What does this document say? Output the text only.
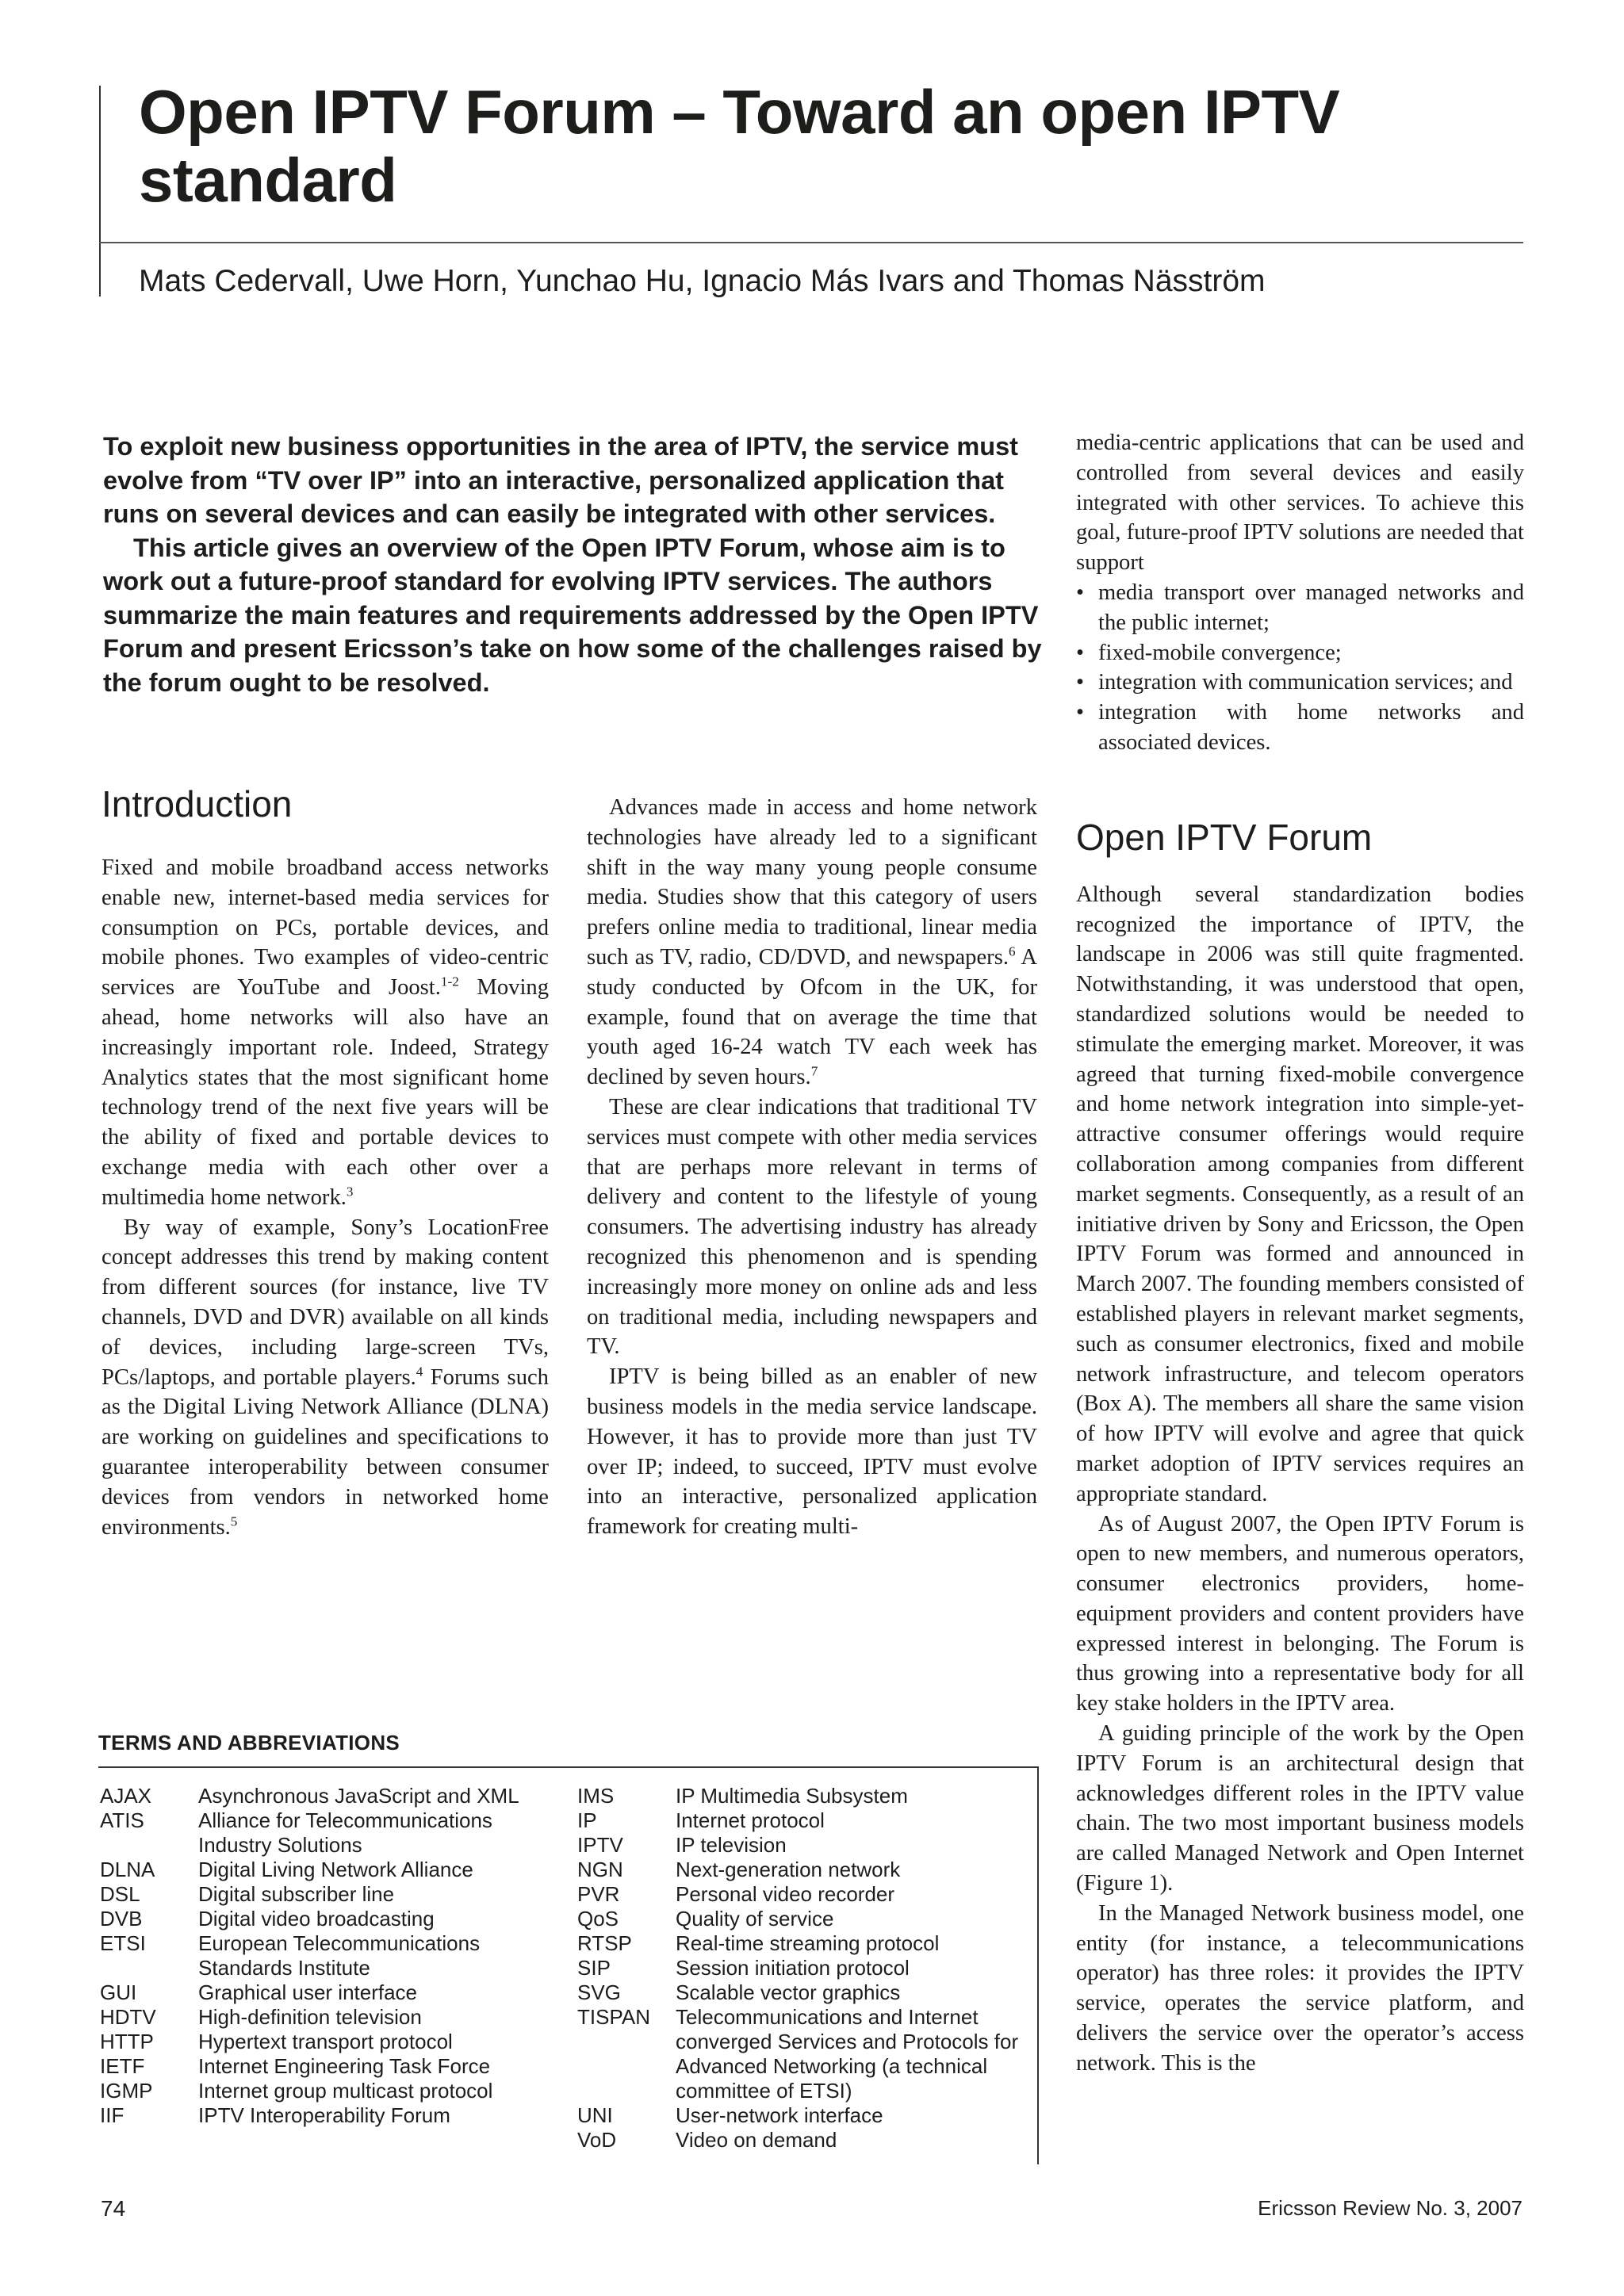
Open IPTV Forum – Toward an open IPTV standard
Mats Cedervall, Uwe Horn, Yunchao Hu, Ignacio Más Ivars and Thomas Näsström

To exploit new business opportunities in the area of IPTV, the service must evolve from “TV over IP” into an interactive, personalized application that runs on several devices and can easily be integrated with other services.

This article gives an overview of the Open IPTV Forum, whose aim is to work out a future-proof standard for evolving IPTV services. The authors summarize the main features and requirements addressed by the Open IPTV Forum and present Ericsson’s take on how some of the challenges raised by the forum ought to be resolved.

Introduction

Fixed and mobile broadband access networks enable new, internet-based media services for consumption on PCs, portable devices, and mobile phones. Two examples of video-centric services are YouTube and Joost.$^{1-2}$ Moving ahead, home networks will also have an increasingly important role. Indeed, Strategy Analytics states that the most significant home technology trend of the next five years will be the ability of fixed and portable devices to exchange media with each other over a multimedia home network.$^3$

By way of example, Sony’s LocationFree concept addresses this trend by making content from different sources (for instance, live TV channels, DVD and DVR) available on all kinds of devices, including large-screen TVs, PCs/laptops, and portable players.$^4$ Forums such as the Digital Living Network Alliance (DLNA) are working on guidelines and specifications to guarantee interoperability between consumer devices from vendors in networked home environments.$^5$

Advances made in access and home network technologies have already led to a significant shift in the way many young people consume media. Studies show that this category of users prefers online media to traditional, linear media such as TV, radio, CD/DVD, and newspapers.$^6$ A study conducted by Ofcom in the UK, for example, found that on average the time that youth aged 16-24 watch TV each week has declined by seven hours.$^7$

These are clear indications that traditional TV services must compete with other media services that are perhaps more relevant in terms of delivery and content to the lifestyle of young consumers. The advertising industry has already recognized this phenomenon and is spending increasingly more money on online ads and less on traditional media, including newspapers and TV.

IPTV is being billed as an enabler of new business models in the media service landscape. However, it has to provide more than just TV over IP; indeed, to succeed, IPTV must evolve into an interactive, personalized application framework for creating multi-

media-centric applications that can be used and controlled from several devices and easily integrated with other services. To achieve this goal, future-proof IPTV solutions are needed that support

• media transport over managed networks and the public internet;
• fixed-mobile convergence;
• integration with communication services; and
• integration with home networks and associated devices.
Open IPTV Forum

Although several standardization bodies recognized the importance of IPTV, the landscape in 2006 was still quite fragmented. Notwithstanding, it was understood that open, standardized solutions would be needed to stimulate the emerging market. Moreover, it was agreed that turning fixed-mobile convergence and home network integration into simple-yet-attractive consumer offerings would require collaboration among companies from different market segments. Consequently, as a result of an initiative driven by Sony and Ericsson, the Open IPTV Forum was formed and announced in March 2007. The founding members consisted of established players in relevant market segments, such as consumer electronics, fixed and mobile network infrastructure, and telecom operators (Box A). The members all share the same vision of how IPTV will evolve and agree that quick market adoption of IPTV services requires an appropriate standard.

As of August 2007, the Open IPTV Forum is open to new members, and numerous operators, consumer electronics providers, home-equipment providers and content providers have expressed interest in belonging. The Forum is thus growing into a representative body for all key stake holders in the IPTV area.

A guiding principle of the work by the Open IPTV Forum is an architectural design that acknowledges different roles in the IPTV value chain. The two most important business models are called Managed Network and Open Internet (Figure 1).

In the Managed Network business model, one entity (for instance, a telecommunications operator) has three roles: it provides the IPTV service, operates the service platform, and delivers the service over the operator’s access network. This is the

TERMS AND ABBREVIATIONS
AJAX	Asynchronous JavaScript and XML
ATIS	Alliance for Telecommunications Industry Solutions
DLNA	Digital Living Network Alliance
DSL	Digital subscriber line
DVB	Digital video broadcasting
ETSI	European Telecommunications Standards Institute
GUI	Graphical user interface
HDTV	High-definition television
HTTP	Hypertext transport protocol
IETF	Internet Engineering Task Force
IGMP	Internet group multicast protocol
IIF	IPTV Interoperability Forum
IMS	IP Multimedia Subsystem
IP	Internet protocol
IPTV	IP television
NGN	Next-generation network
PVR	Personal video recorder
QoS	Quality of service
RTSP	Real-time streaming protocol
SIP	Session initiation protocol
SVG	Scalable vector graphics
TISPAN	Telecommunications and Internet converged Services and Protocols for Advanced Networking (a technical committee of ETSI)
UNI	User-network interface
VoD	Video on demand
74	Ericsson Review No. 3, 2007
